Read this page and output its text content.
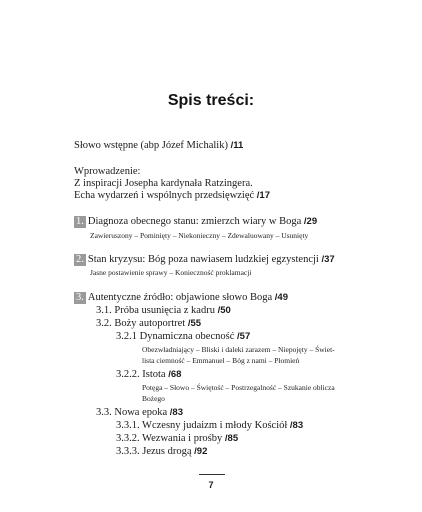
Spis treści:
Słowo wstępne (abp Józef Michalik) /11
Wprowadzenie:
Z inspiracji Josepha kardynała Ratzingera.
Echa wydarzeń i wspólnych przedsięwzięć /17
1. Diagnoza obecnego stanu: zmierzch wiary w Boga /29
Zawieruszony – Pominięty – Niekonieczny – Zdewaluowany – Usunięty
2. Stan kryzysu: Bóg poza nawiasem ludzkiej egzystencji /37
Jasne postawienie sprawy – Konieczność proklamacji
3. Autentyczne źródło: objawione słowo Boga /49
3.1. Próba usunięcia z kadru /50
3.2. Boży autoportret /55
3.2.1 Dynamiczna obecność /57
Obezwładniający – Bliski i daleki zarazem – Niepojęty – Świet-
lista ciemność – Emmanuel – Bóg z nami – Płomień
3.2.2. Istota /68
Potęga – Słowo – Świętość – Postrzegalność – Szukanie oblicza
Bożego
3.3. Nowa epoka /83
3.3.1. Wczesny judaizm i młody Kościół /83
3.3.2. Wezwania i prośby /85
3.3.3. Jezus drogą /92
7
